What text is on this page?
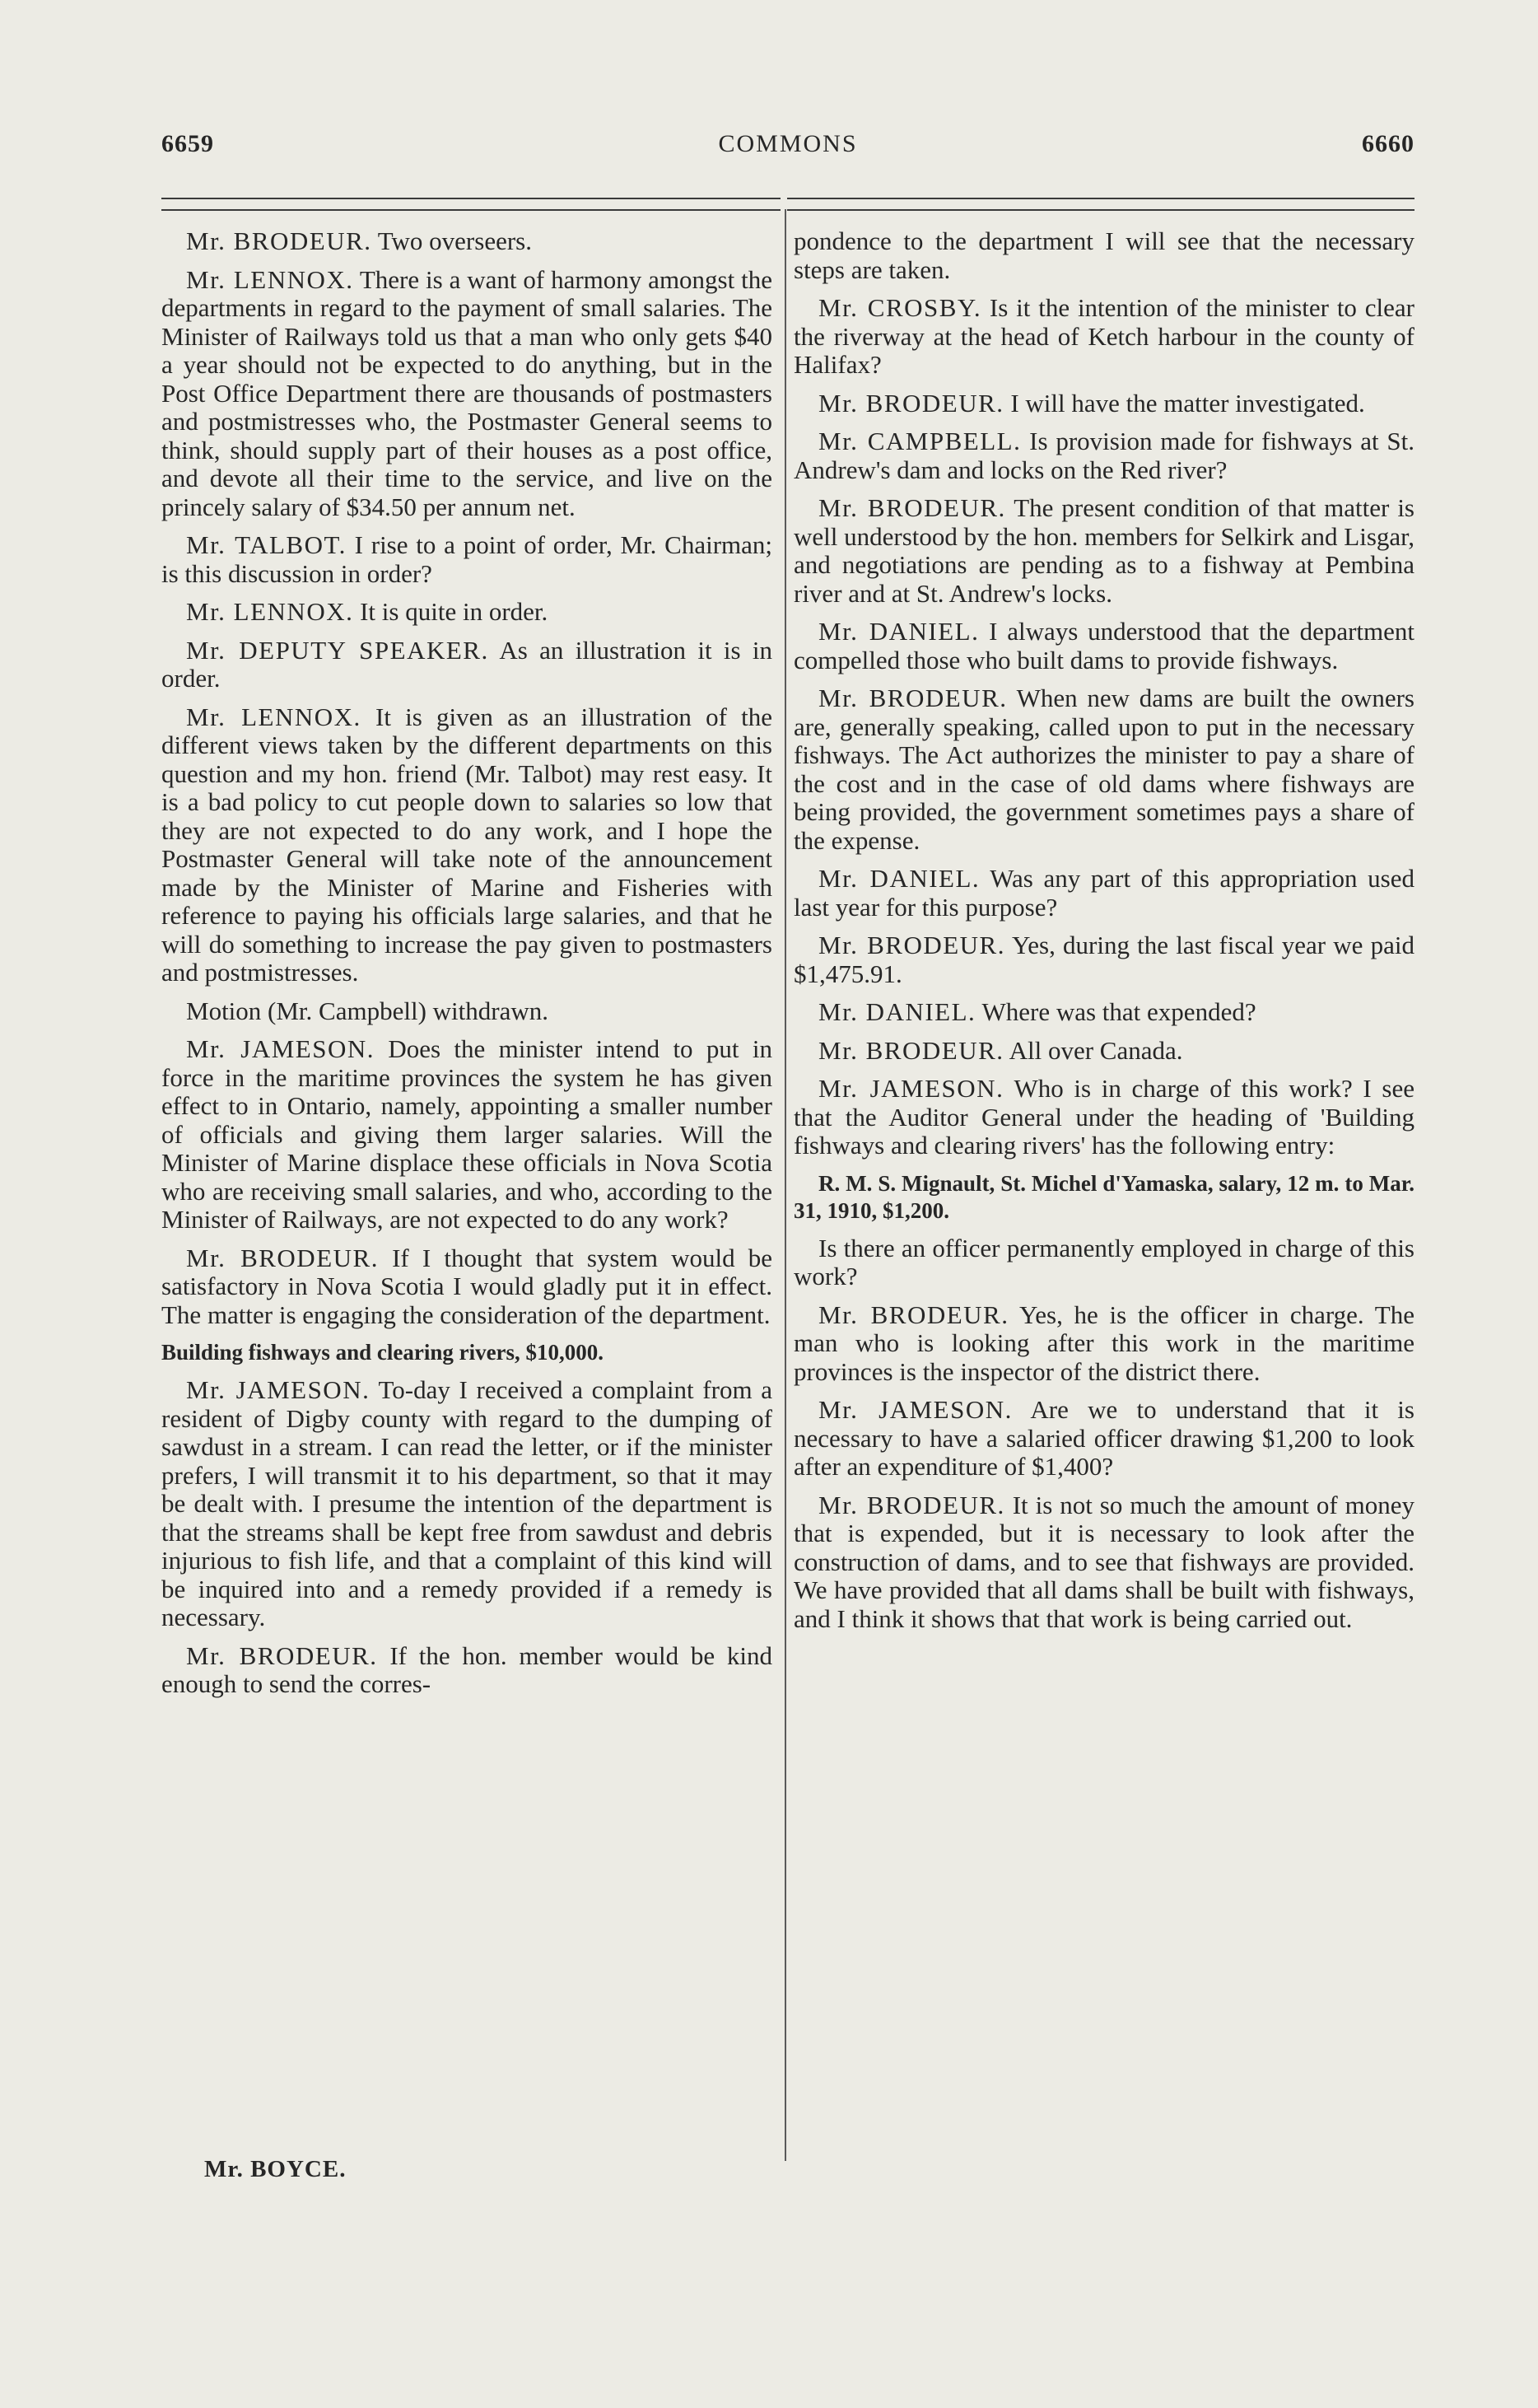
6659	COMMONS	6660

Mr. BRODEUR. Two overseers.

Mr. LENNOX. There is a want of harmony amongst the departments in regard to the payment of small salaries. The Minister of Railways told us that a man who only gets $40 a year should not be expected to do anything, but in the Post Office Department there are thousands of postmasters and postmistresses who, the Postmaster General seems to think, should supply part of their houses as a post office, and devote all their time to the service, and live on the princely salary of $34.50 per annum net.

Mr. TALBOT. I rise to a point of order, Mr. Chairman; is this discussion in order?

Mr. LENNOX. It is quite in order.

Mr. DEPUTY SPEAKER. As an illustration it is in order.

Mr. LENNOX. It is given as an illustration of the different views taken by the different departments on this question and my hon. friend (Mr. Talbot) may rest easy. It is a bad policy to cut people down to salaries so low that they are not expected to do any work, and I hope the Postmaster General will take note of the announcement made by the Minister of Marine and Fisheries with reference to paying his officials large salaries, and that he will do something to increase the pay given to postmasters and postmistresses.

Motion (Mr. Campbell) withdrawn.

Mr. JAMESON. Does the minister intend to put in force in the maritime provinces the system he has given effect to in Ontario, namely, appointing a smaller number of officials and giving them larger salaries. Will the Minister of Marine displace these officials in Nova Scotia who are receiving small salaries, and who, according to the Minister of Railways, are not expected to do any work?

Mr. BRODEUR. If I thought that system would be satisfactory in Nova Scotia I would gladly put it in effect. The matter is engaging the consideration of the department.

Building fishways and clearing rivers, $10,000.

Mr. JAMESON. To-day I received a complaint from a resident of Digby county with regard to the dumping of sawdust in a stream. I can read the letter, or if the minister prefers, I will transmit it to his department, so that it may be dealt with. I presume the intention of the department is that the streams shall be kept free from sawdust and debris injurious to fish life, and that a complaint of this kind will be inquired into and a remedy provided if a remedy is necessary.

Mr. BRODEUR. If the hon. member would be kind enough to send the corres-

pondence to the department I will see that the necessary steps are taken.

Mr. CROSBY. Is it the intention of the minister to clear the riverway at the head of Ketch harbour in the county of Halifax?

Mr. BRODEUR. I will have the matter investigated.

Mr. CAMPBELL. Is provision made for fishways at St. Andrew's dam and locks on the Red river?

Mr. BRODEUR. The present condition of that matter is well understood by the hon. members for Selkirk and Lisgar, and negotiations are pending as to a fishway at Pembina river and at St. Andrew's locks.

Mr. DANIEL. I always understood that the department compelled those who built dams to provide fishways.

Mr. BRODEUR. When new dams are built the owners are, generally speaking, called upon to put in the necessary fishways. The Act authorizes the minister to pay a share of the cost and in the case of old dams where fishways are being provided, the government sometimes pays a share of the expense.

Mr. DANIEL. Was any part of this appropriation used last year for this purpose?

Mr. BRODEUR. Yes, during the last fiscal year we paid $1,475.91.

Mr. DANIEL. Where was that expended?

Mr. BRODEUR. All over Canada.

Mr. JAMESON. Who is in charge of this work? I see that the Auditor General under the heading of 'Building fishways and clearing rivers' has the following entry:

R. M. S. Mignault, St. Michel d'Yamaska, salary, 12 m. to Mar. 31, 1910, $1,200.

Is there an officer permanently employed in charge of this work?

Mr. BRODEUR. Yes, he is the officer in charge. The man who is looking after this work in the maritime provinces is the inspector of the district there.

Mr. JAMESON. Are we to understand that it is necessary to have a salaried officer drawing $1,200 to look after an expenditure of $1,400?

Mr. BRODEUR. It is not so much the amount of money that is expended, but it is necessary to look after the construction of dams, and to see that fishways are provided. We have provided that all dams shall be built with fishways, and I think it shows that that work is being carried out.

Mr. BOYCE.
